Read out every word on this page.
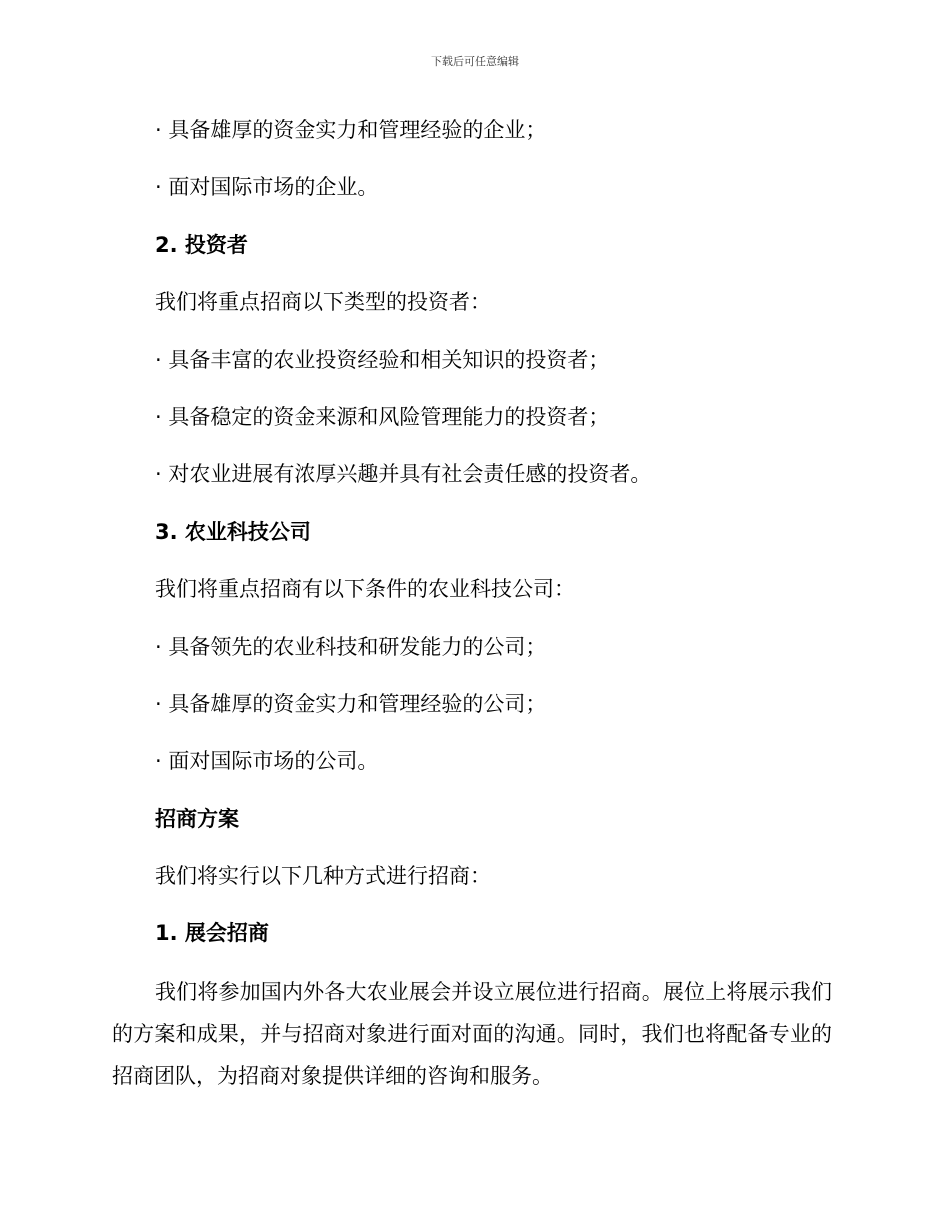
下载后可任意编辑
· 具备雄厚的资金实力和管理经验的企业；
· 面对国际市场的企业。
2. 投资者
我们将重点招商以下类型的投资者：
· 具备丰富的农业投资经验和相关知识的投资者；
· 具备稳定的资金来源和风险管理能力的投资者；
· 对农业进展有浓厚兴趣并具有社会责任感的投资者。
3. 农业科技公司
我们将重点招商有以下条件的农业科技公司：
· 具备领先的农业科技和研发能力的公司；
· 具备雄厚的资金实力和管理经验的公司；
· 面对国际市场的公司。
招商方案
我们将实行以下几种方式进行招商：
1. 展会招商

我们将参加国内外各大农业展会并设立展位进行招商。展位上将展示我们的方案和成果，并与招商对象进行面对面的沟通。同时，我们也将配备专业的招商团队，为招商对象提供详细的咨询和服务。
